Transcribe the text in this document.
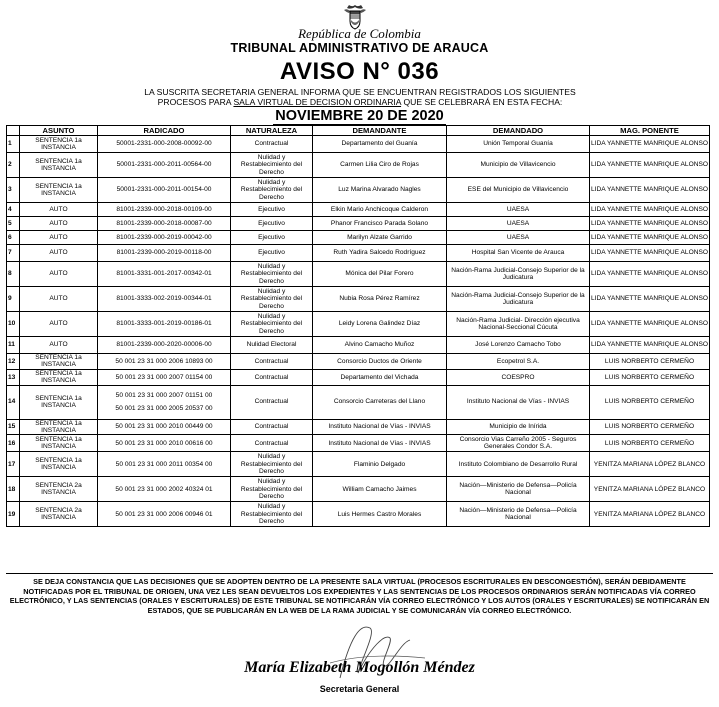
República de Colombia
TRIBUNAL ADMINISTRATIVO DE ARAUCA
AVISO N° 036
LA SUSCRITA SECRETARIA GENERAL INFORMA QUE SE ENCUENTRAN REGISTRADOS LOS SIGUIENTES
PROCESOS PARA SALA VIRTUAL DE DECISION ORDINARIA QUE SE CELEBRARÁ EN ESTA FECHA:
NOVIEMBRE 20 DE 2020
	ASUNTO	RADICADO	NATURALEZA	DEMANDANTE	DEMANDADO	MAG. PONENTE
1	SENTENCIA 1a INSTANCIA	50001-2331-000-2008-00092-00	Contractual	Departamento del Guanía	Unión Temporal Guanía	LIDA YANNETTE MANRIQUE ALONSO
2	SENTENCIA 1a INSTANCIA	50001-2331-000-2011-00564-00	Nulidad y Restablecimiento del Derecho	Carmen Lilia Ciro de Rojas	Municipio de Villavicencio	LIDA YANNETTE MANRIQUE ALONSO
3	SENTENCIA 1a INSTANCIA	50001-2331-000-2011-00154-00	Nulidad y Restablecimiento del Derecho	Luz Marina Alvarado Nagles	ESE del Municipio de Villavicencio	LIDA YANNETTE MANRIQUE ALONSO
4	AUTO	81001-2339-000-2018-00109-00	Ejecutivo	Elkin Mario Anchicoque Calderon	UAESA	LIDA YANNETTE MANRIQUE ALONSO
5	AUTO	81001-2339-000-2018-00087-00	Ejecutivo	Phanor Francisco Parada Solano	UAESA	LIDA YANNETTE MANRIQUE ALONSO
6	AUTO	81001-2339-000-2019-00042-00	Ejecutivo	Marilyn Alzate Garrido	UAESA	LIDA YANNETTE MANRIQUE ALONSO
7	AUTO	81001-2339-000-2019-00118-00	Ejecutivo	Ruth Yadira Salcedo Rodríguez	Hospital San Vicente de Arauca	LIDA YANNETTE MANRIQUE ALONSO
8	AUTO	81001-3331-001-2017-00342-01	Nulidad y Restablecimiento del Derecho	Mónica del Pilar Forero	Nación-Rama Judicial-Consejo Superior de la Judicatura	LIDA YANNETTE MANRIQUE ALONSO
9	AUTO	81001-3333-002-2019-00344-01	Nulidad y Restablecimiento del Derecho	Nubia Rosa Pérez Ramírez	Nación-Rama Judicial-Consejo Superior de la Judicatura	LIDA YANNETTE MANRIQUE ALONSO
10	AUTO	81001-3333-001-2019-00186-01	Nulidad y Restablecimiento del Derecho	Leidy Lorena Galindez Díaz	Nación-Rama Judicial- Dirección ejecutiva Nacional-Seccional Cúcuta	LIDA YANNETTE MANRIQUE ALONSO
11	AUTO	81001-2339-000-2020-00006-00	Nulidad Electoral	Alvino Camacho Muñoz	José Lorenzo Camacho Tobo	LIDA YANNETTE MANRIQUE ALONSO
12	SENTENCIA 1a INSTANCIA	50 001 23 31 000 2006 10893 00	Contractual	Consorcio Ductos de Oriente	Ecopetrol S.A.	LUIS NORBERTO CERMEÑO
13	SENTENCIA 1a INSTANCIA	50 001 23 31 000 2007 01154 00	Contractual	Departamento del Vichada	COESPRO	LUIS NORBERTO CERMEÑO
14	SENTENCIA 1a INSTANCIA	50 001 23 31 000 2007 01151 00
50 001 23 31 000 2005 20537 00	Contractual	Consorcio Carreteras del Llano	Instituto Nacional de Vías - INVIAS	LUIS NORBERTO CERMEÑO
15	SENTENCIA 1a INSTANCIA	50 001 23 31 000 2010 00449 00	Contractual	Instituto Nacional de Vías - INVIAS	Municipio de Inírida	LUIS NORBERTO CERMEÑO
16	SENTENCIA 1a INSTANCIA	50 001 23 31 000 2010 00616 00	Contractual	Instituto Nacional de Vías - INVIAS	Consorcio Vias Carreño 2005 - Seguros Generales Condor S.A.	LUIS NORBERTO CERMEÑO
17	SENTENCIA 1a INSTANCIA	50 001 23 31 000 2011 00354 00	Nulidad y Restablecimiento del Derecho	Flaminio Delgado	Instituto Colombiano de Desarrollo Rural	YENITZA MARIANA LÓPEZ BLANCO
18	SENTENCIA 2a INSTANCIA	50 001 23 31 000 2002 40324 01	Nulidad y Restablecimiento del Derecho	William Camacho Jaimes	Nación—Ministerio de Defensa—Policía Nacional	YENITZA MARIANA LÓPEZ BLANCO
19	SENTENCIA 2a INSTANCIA	50 001 23 31 000 2006 00946 01	Nulidad y Restablecimiento del Derecho	Luis Hermes Castro Morales	Nación—Ministerio de Defensa—Policía Nacional	YENITZA MARIANA LÓPEZ BLANCO
SE DEJA CONSTANCIA QUE LAS DECISIONES QUE SE ADOPTEN DENTRO DE LA PRESENTE SALA VIRTUAL (PROCESOS ESCRITURALES EN DESCONGESTIÓN), SERÁN DEBIDAMENTE NOTIFICADAS POR EL TRIBUNAL DE ORIGEN, UNA VEZ LES SEAN DEVUELTOS LOS EXPEDIENTES Y LAS SENTENCIAS DE LOS PROCESOS ORDINARIOS SERÁN NOTIFICADAS VÍA CORREO ELECTRÓNICO, Y LAS SENTENCIAS (ORALES Y ESCRITURALES) DE ESTE TRIBUNAL SE NOTIFICARÁN VÍA CORREO ELECTRÓNICO Y LOS AUTOS (ORALES Y ESCRITURALES) SE NOTIFICARÁN EN ESTADOS, QUE SE PUBLICARÁN EN LA WEB DE LA RAMA JUDICIAL Y SE COMUNICARÁN VÍA CORREO ELECTRÓNICO.
María Elizabeth Mogollón Méndez
Secretaria General
